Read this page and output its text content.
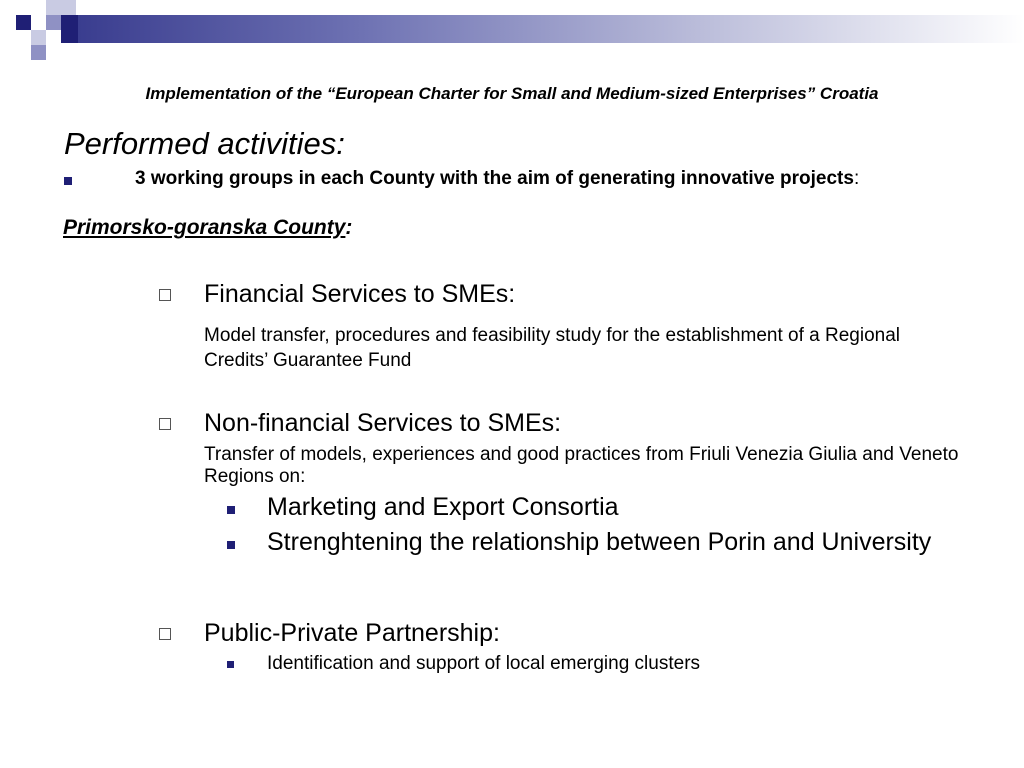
Implementation of the “European Charter for Small and Medium-sized Enterprises” Croatia
Performed activities:
3 working groups in each County with the aim of generating innovative projects:
Primorsko-goranska County:
Financial Services to SMEs:
Model transfer, procedures and feasibility study for the establishment of a Regional Credits’ Guarantee Fund
Non-financial Services to SMEs:
Transfer of models, experiences and good practices from Friuli Venezia Giulia and Veneto Regions on:
Marketing and Export Consortia
Strenghtening the relationship between Porin and University
Public-Private Partnership:
Identification and support of local emerging clusters
